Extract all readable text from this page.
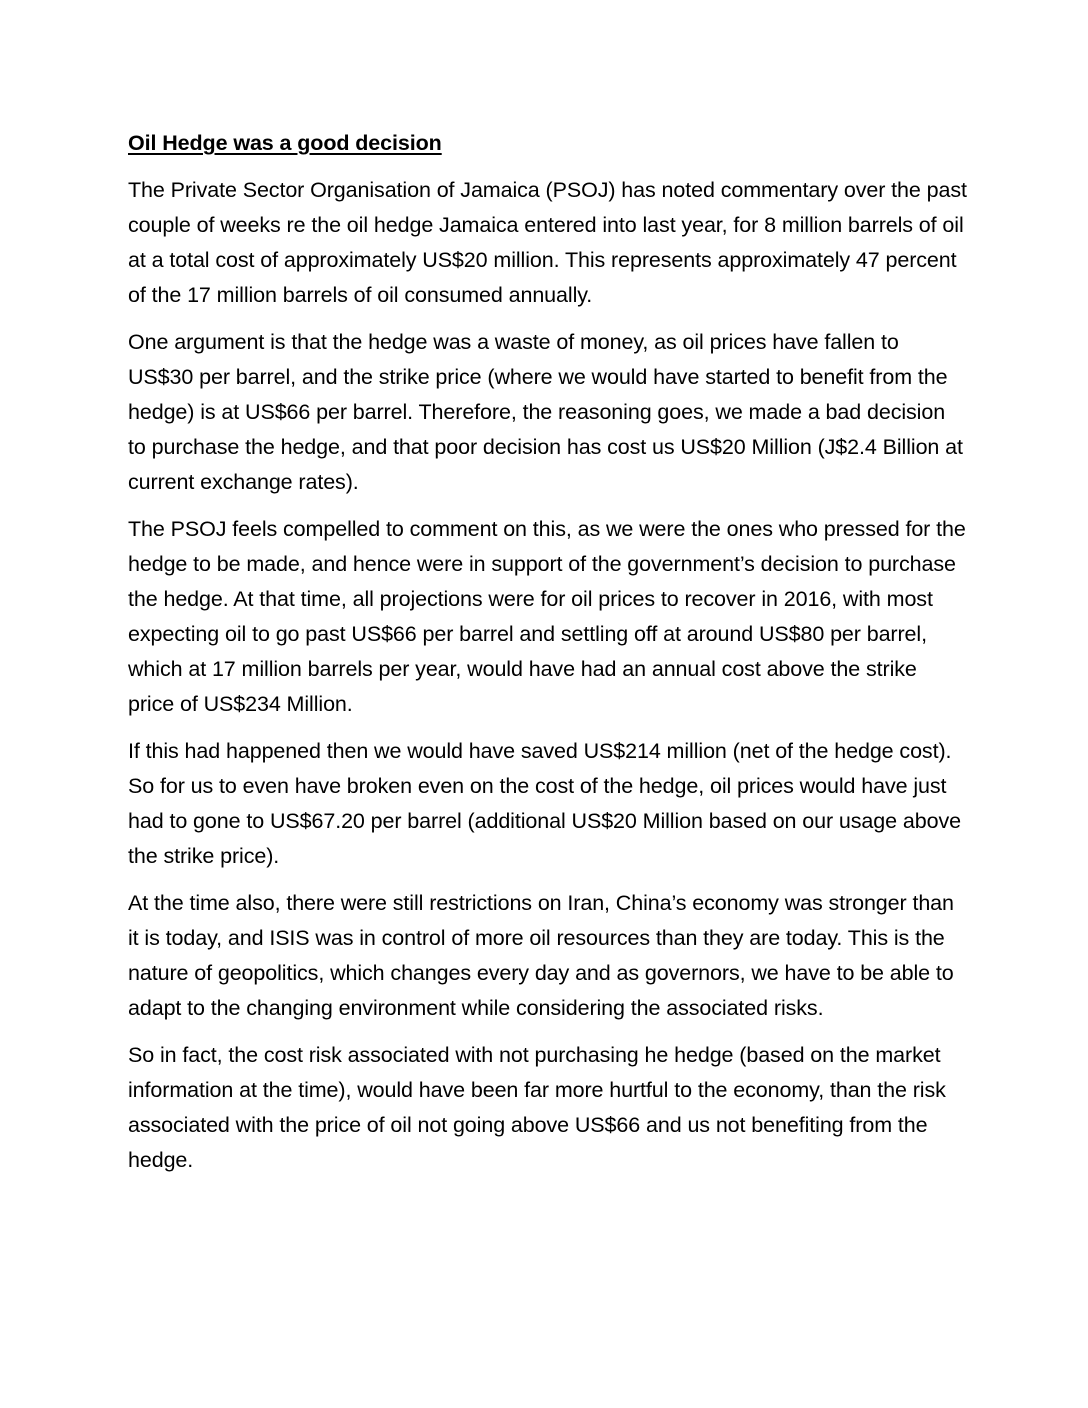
Oil Hedge was a good decision

The Private Sector Organisation of Jamaica (PSOJ) has noted commentary over the past couple of weeks re the oil hedge Jamaica entered into last year, for 8 million barrels of oil at a total cost of approximately US$20 million. This represents approximately 47 percent of the 17 million barrels of oil consumed annually.

One argument is that the hedge was a waste of money, as oil prices have fallen to US$30 per barrel, and the strike price (where we would have started to benefit from the hedge) is at US$66 per barrel. Therefore, the reasoning goes, we made a bad decision to purchase the hedge, and that poor decision has cost us US$20 Million (J$2.4 Billion at current exchange rates).

The PSOJ feels compelled to comment on this, as we were the ones who pressed for the hedge to be made, and hence were in support of the government’s decision to purchase the hedge. At that time, all projections were for oil prices to recover in 2016, with most expecting oil to go past US$66 per barrel and settling off at around US$80 per barrel, which at 17 million barrels per year, would have had an annual cost above the strike price of US$234 Million.

If this had happened then we would have saved US$214 million (net of the hedge cost). So for us to even have broken even on the cost of the hedge, oil prices would have just had to gone to US$67.20 per barrel (additional US$20 Million based on our usage above the strike price).

At the time also, there were still restrictions on Iran, China’s economy was stronger than it is today, and ISIS was in control of more oil resources than they are today. This is the nature of geopolitics, which changes every day and as governors, we have to be able to adapt to the changing environment while considering the associated risks.

So in fact, the cost risk associated with not purchasing he hedge (based on the market information at the time), would have been far more hurtful to the economy, than the risk associated with the price of oil not going above US$66 and us not benefiting from the hedge.
